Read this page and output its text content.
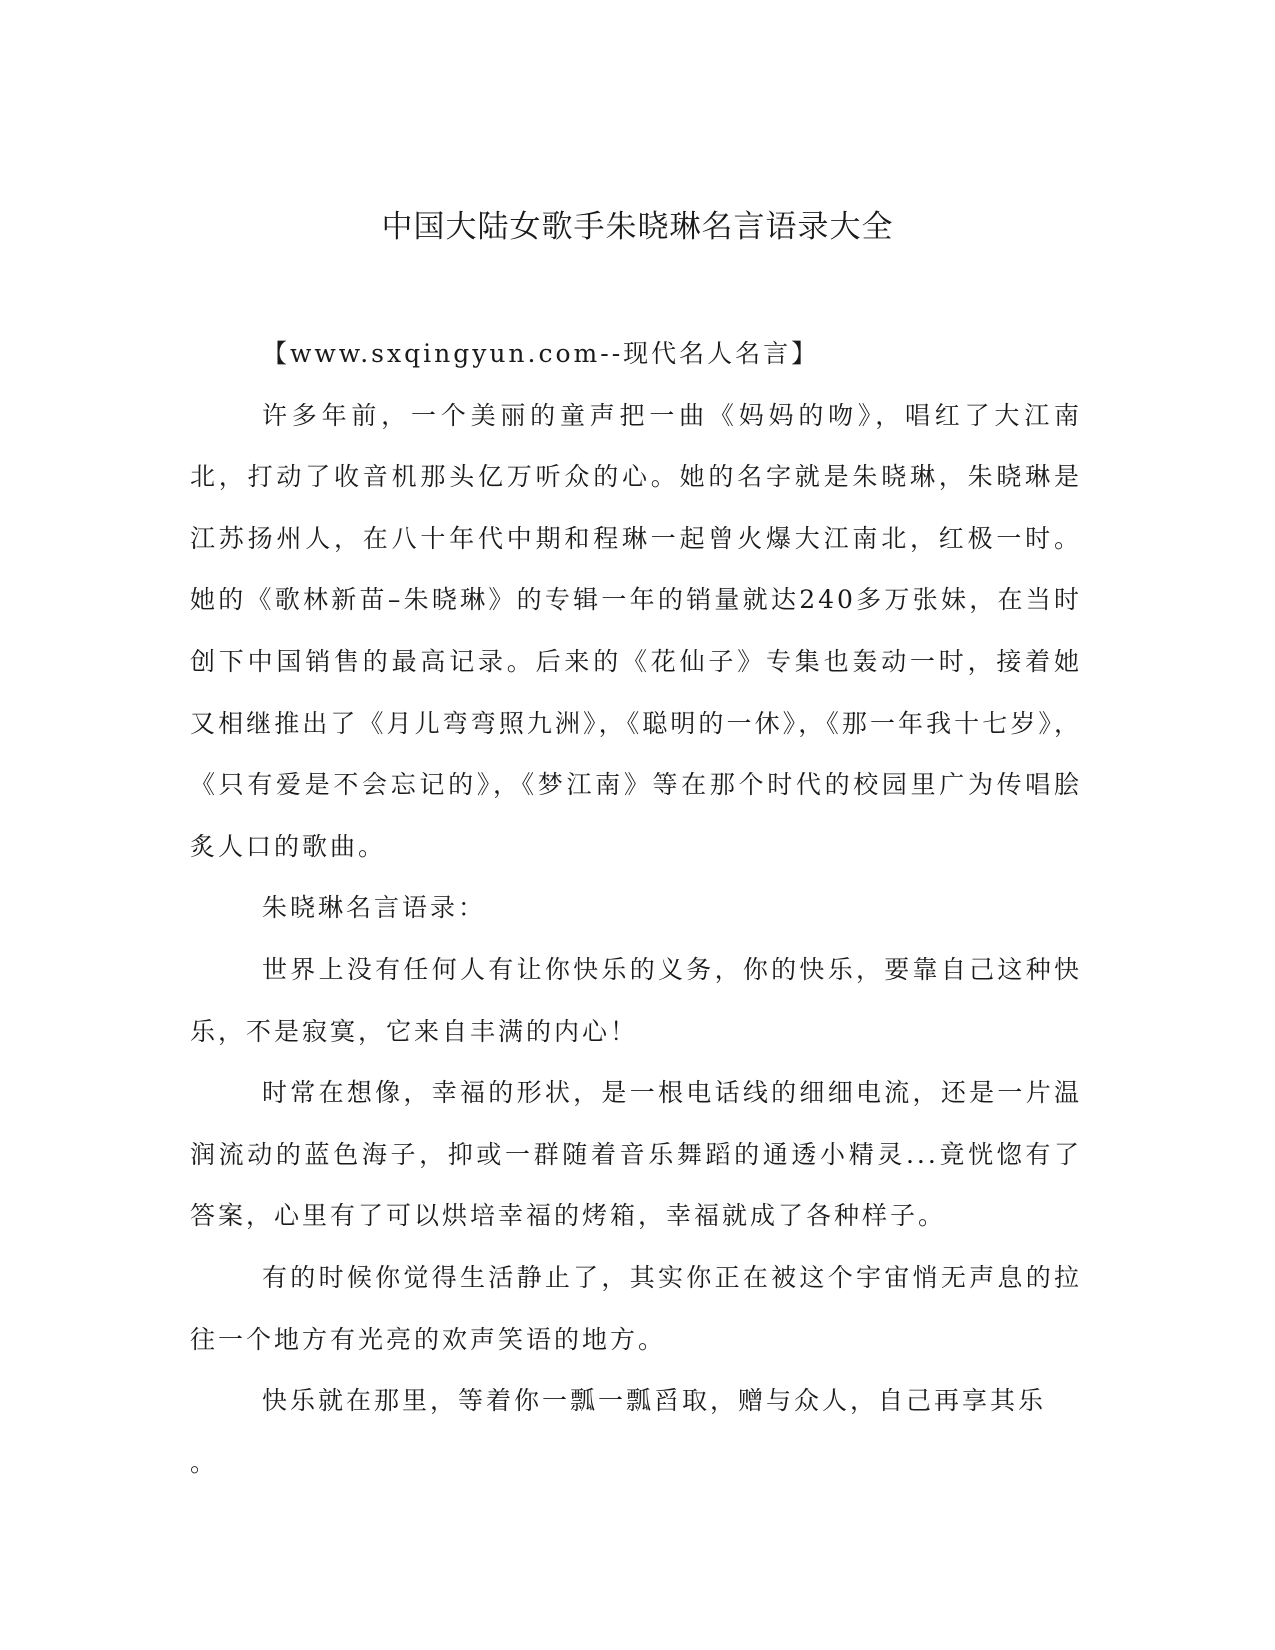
中国大陆女歌手朱晓琳名言语录大全

【www.sxqingyun.com--现代名人名言】

许多年前，一个美丽的童声把一曲《妈妈的吻》，唱红了大江南北，打动了收音机那头亿万听众的心。她的名字就是朱晓琳，朱晓琳是江苏扬州人，在八十年代中期和程琳一起曾火爆大江南北，红极一时。她的《歌林新苗–朱晓琳》的专辑一年的销量就达240多万张妹，在当时创下中国销售的最高记录。后来的《花仙子》专集也轰动一时，接着她又相继推出了《月儿弯弯照九洲》，《聪明的一休》，《那一年我十七岁》，《只有爱是不会忘记的》，《梦江南》等在那个时代的校园里广为传唱脍炙人口的歌曲。

朱晓琳名言语录：

世界上没有任何人有让你快乐的义务，你的快乐，要靠自己这种快乐，不是寂寞，它来自丰满的内心！

时常在想像，幸福的形状，是一根电话线的细细电流，还是一片温润流动的蓝色海子，抑或一群随着音乐舞蹈的通透小精灵...竟恍惚有了答案，心里有了可以烘培幸福的烤箱，幸福就成了各种样子。

有的时候你觉得生活静止了，其实你正在被这个宇宙悄无声息的拉往一个地方有光亮的欢声笑语的地方。

快乐就在那里，等着你一瓢一瓢舀取，赠与众人，自己再享其乐

。
